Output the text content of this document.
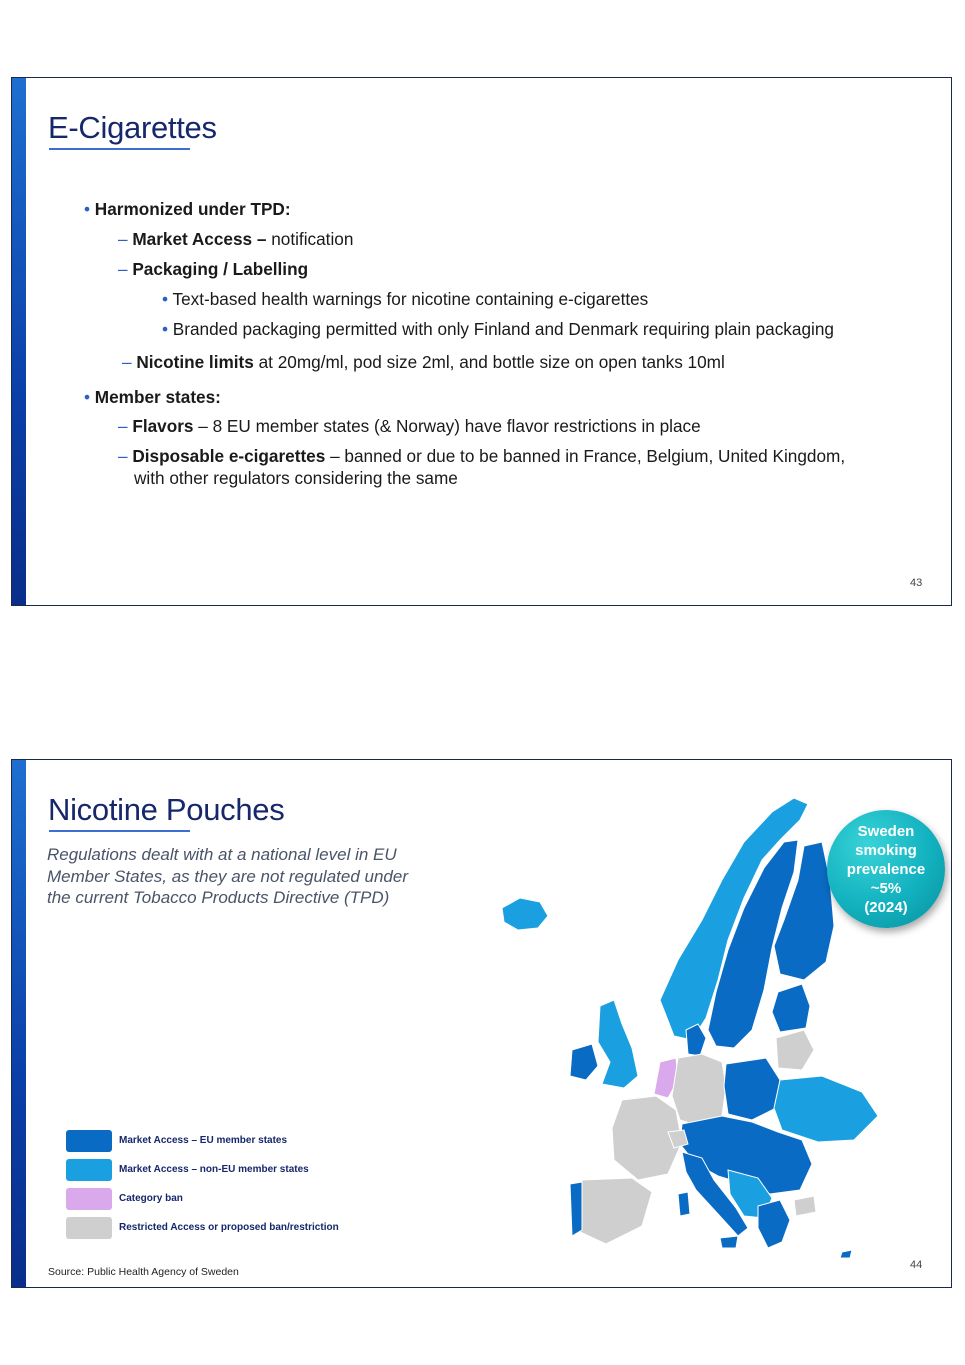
E-Cigarettes
• Harmonized under TPD:
– Market Access – notification
– Packaging / Labelling
• Text-based health warnings for nicotine containing e-cigarettes
• Branded packaging permitted with only Finland and Denmark requiring plain packaging
– Nicotine limits at 20mg/ml, pod size 2ml, and bottle size on open tanks 10ml
• Member states:
– Flavors – 8 EU member states (& Norway) have flavor restrictions in place
– Disposable e-cigarettes – banned or due to be banned in France, Belgium, United Kingdom,
with other regulators considering the same
43
Nicotine Pouches
Regulations dealt with at a national level in EU Member States, as they are not regulated under the current Tobacco Products Directive (TPD)
Sweden
smoking
prevalence
~5%
(2024)
Market Access – EU member states
Market Access – non-EU member states
Category ban
Restricted Access or proposed ban/restriction
Source: Public Health Agency of Sweden
44
